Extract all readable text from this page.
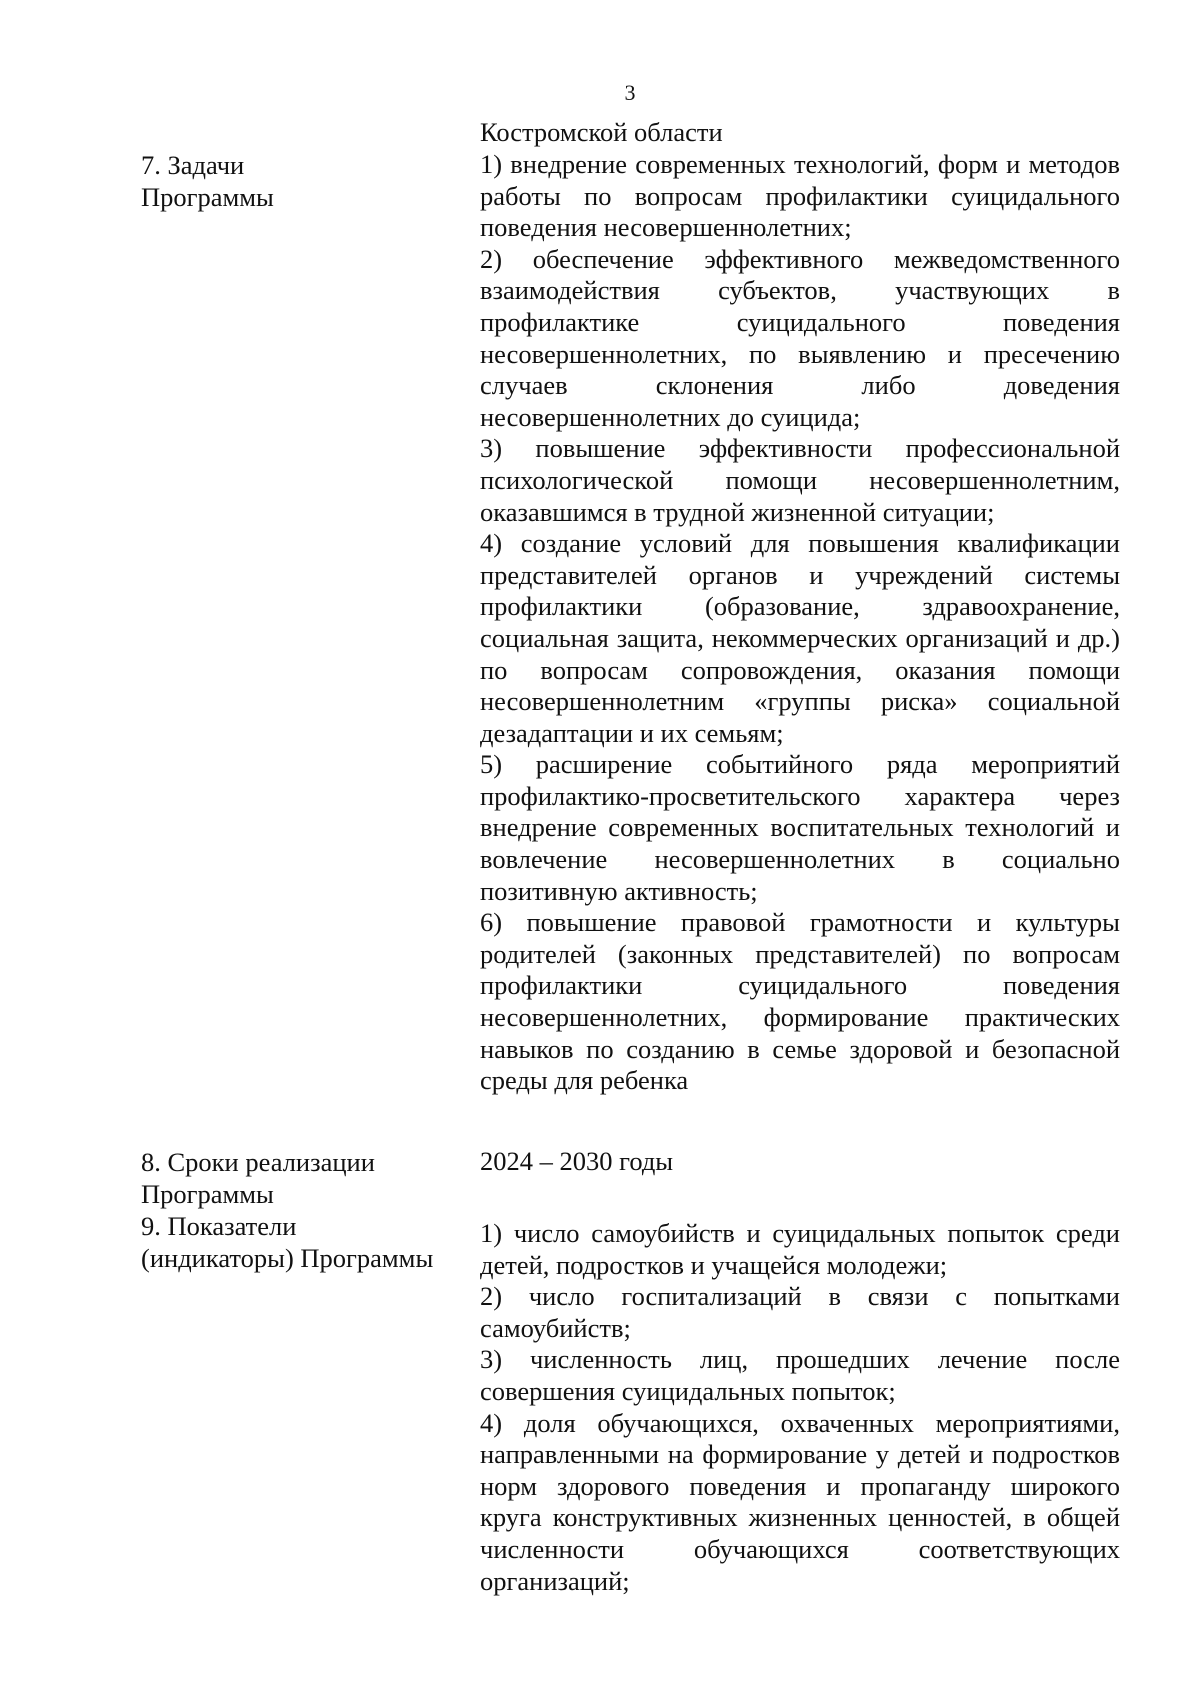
3

Костромской области

7. Задачи
Программы

1) внедрение современных технологий, форм и методов работы по вопросам профилактики суицидального поведения несовершеннолетних;

2) обеспечение эффективного межведомственного взаимодействия субъектов, участвующих в профилактике суицидального поведения несовершеннолетних, по выявлению и пресечению случаев склонения либо доведения несовершеннолетних до суицида;

3) повышение эффективности профессиональной психологической помощи несовершеннолетним, оказавшимся в трудной жизненной ситуации;

4) создание условий для повышения квалификации представителей органов и учреждений системы профилактики (образование, здравоохранение, социальная защита, некоммерческих организаций и др.) по вопросам сопровождения, оказания помощи несовершеннолетним «группы риска» социальной дезадаптации и их семьям;

5) расширение событийного ряда мероприятий профилактико-просветительского характера через внедрение современных воспитательных технологий и вовлечение несовершеннолетних в социально позитивную активность;

6) повышение правовой грамотности и культуры родителей (законных представителей) по вопросам профилактики суицидального поведения несовершеннолетних, формирование практических навыков по созданию в семье здоровой и безопасной среды для ребенка

8. Сроки реализации
Программы

2024 – 2030 годы

9. Показатели
(индикаторы) Программы

1) число самоубийств и суицидальных попыток среди детей, подростков и учащейся молодежи;

2) число госпитализаций в связи с попытками самоубийств;

3) численность лиц, прошедших лечение после совершения суицидальных попыток;

4) доля обучающихся, охваченных мероприятиями, направленными на формирование у детей и подростков норм здорового поведения и пропаганду широкого круга конструктивных жизненных ценностей, в общей численности обучающихся соответствующих организаций;
